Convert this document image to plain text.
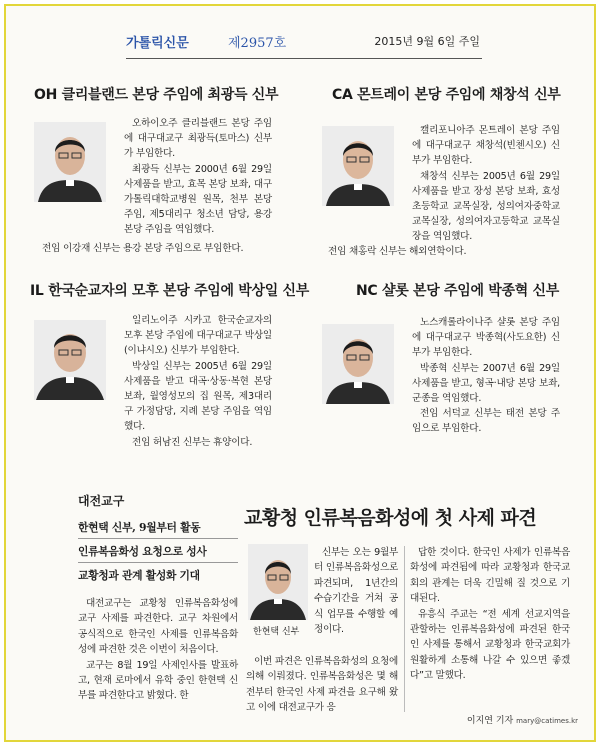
가톨릭신문	제2957호	2015년 9월 6일 주일
OH 클리블랜드 본당 주임에 최광득 신부

오하이오주 클리블랜드 본당 주임에 대구대교구 최광득(토마스) 신부가 부임한다.

최광득 신부는 2000년 6월 29일 사제품을 받고, 효목 본당 보좌, 대구가톨릭대학교병원 원목, 천부 본당 주임, 제5대리구 청소년 담당, 용강 본당 주임을 역임했다.

전임 이강재 신부는 용강 본당 주임으로 부임한다.
CA 몬트레이 본당 주임에 채창석 신부

캘리포니아주 몬트레이 본당 주임에 대구대교구 채창석(빈첸시오) 신부가 부임한다.

채창석 신부는 2005년 6월 29일 사제품을 받고 장성 본당 보좌, 효성초등학교 교목실장, 성의여자중학교 교목실장, 성의여자고등학교 교목실장을 역임했다.

전임 채홍락 신부는 해외연학이다.
IL 한국순교자의 모후 본당 주임에 박상일 신부

일리노이주 시카고 한국순교자의 모후 본당 주임에 대구대교구 박상일(이냐시오) 신부가 부임한다.

박상일 신부는 2005년 6월 29일 사제품을 받고 대곡·상동·복현 본당 보좌, 월영성모의 집 원목, 제3대리구 가정담당, 지례 본당 주임을 역임했다.

전임 허남진 신부는 휴양이다.

NC 샬롯 본당 주임에 박종혁 신부

노스캐롤라이나주 샬롯 본당 주임에 대구대교구 박종혁(사도요한) 신부가 부임한다.

박종혁 신부는 2007년 6월 29일 사제품을 받고, 형곡·내당 본당 보좌, 군종을 역임했다.

전임 서덕교 신부는 태전 본당 주임으로 부임한다.

대전교구
한현택 신부, 9월부터 활동
인류복음화성 요청으로 성사
교황청과 관계 활성화 기대
교황청 인류복음화성에 첫 사제 파견

대전교구는 교황청 인류복음화성에 교구 사제를 파견한다. 교구 차원에서 공식적으로 한국인 사제를 인류복음화성에 파견한 것은 이번이 처음이다.

교구는 8월 19일 사제인사를 발표하고, 현재 로마에서 유학 중인 한현택 신부를 파견한다고 밝혔다. 한

한현택 신부

신부는 오는 9월부터 인류복음화성으로 파견되며, 1년간의 수습기간을 거쳐 공식 업무를 수행할 예정이다.

이번 파견은 인류복음화성의 요청에 의해 이뤄졌다. 인류복음화성은 몇 해 전부터 한국인 사제 파견을 요구해 왔고 이에 대전교구가 응

답한 것이다. 한국인 사제가 인류복음화성에 파견됨에 따라 교황청과 한국교회의 관계는 더욱 긴밀해 질 것으로 기대된다.

유흥식 주교는 “전 세계 선교지역을 관할하는 인류복음화성에 파견된 한국인 사제를 통해서 교황청과 한국교회가 원활하게 소통해 나갈 수 있으면 좋겠다”고 말했다.

이지연 기자 mary@catimes.kr
